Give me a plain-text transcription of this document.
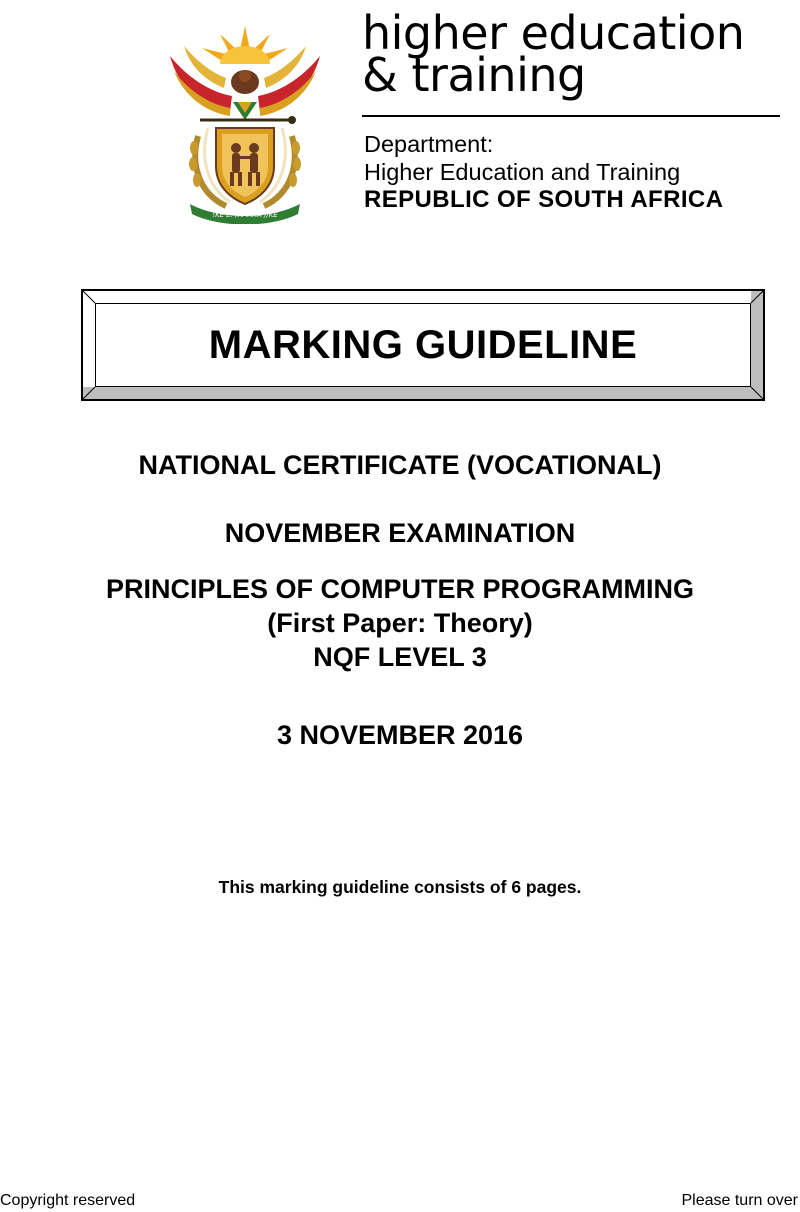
!KE E: /XARRA //KE
higher education
& training
Department:
Higher Education and Training
REPUBLIC OF SOUTH AFRICA
MARKING GUIDELINE
NATIONAL CERTIFICATE (VOCATIONAL)
NOVEMBER EXAMINATION
PRINCIPLES OF COMPUTER PROGRAMMING
(First Paper: Theory)
NQF LEVEL 3
3 NOVEMBER 2016
This marking guideline consists of 6 pages.
Copyright reserved	Please turn over
